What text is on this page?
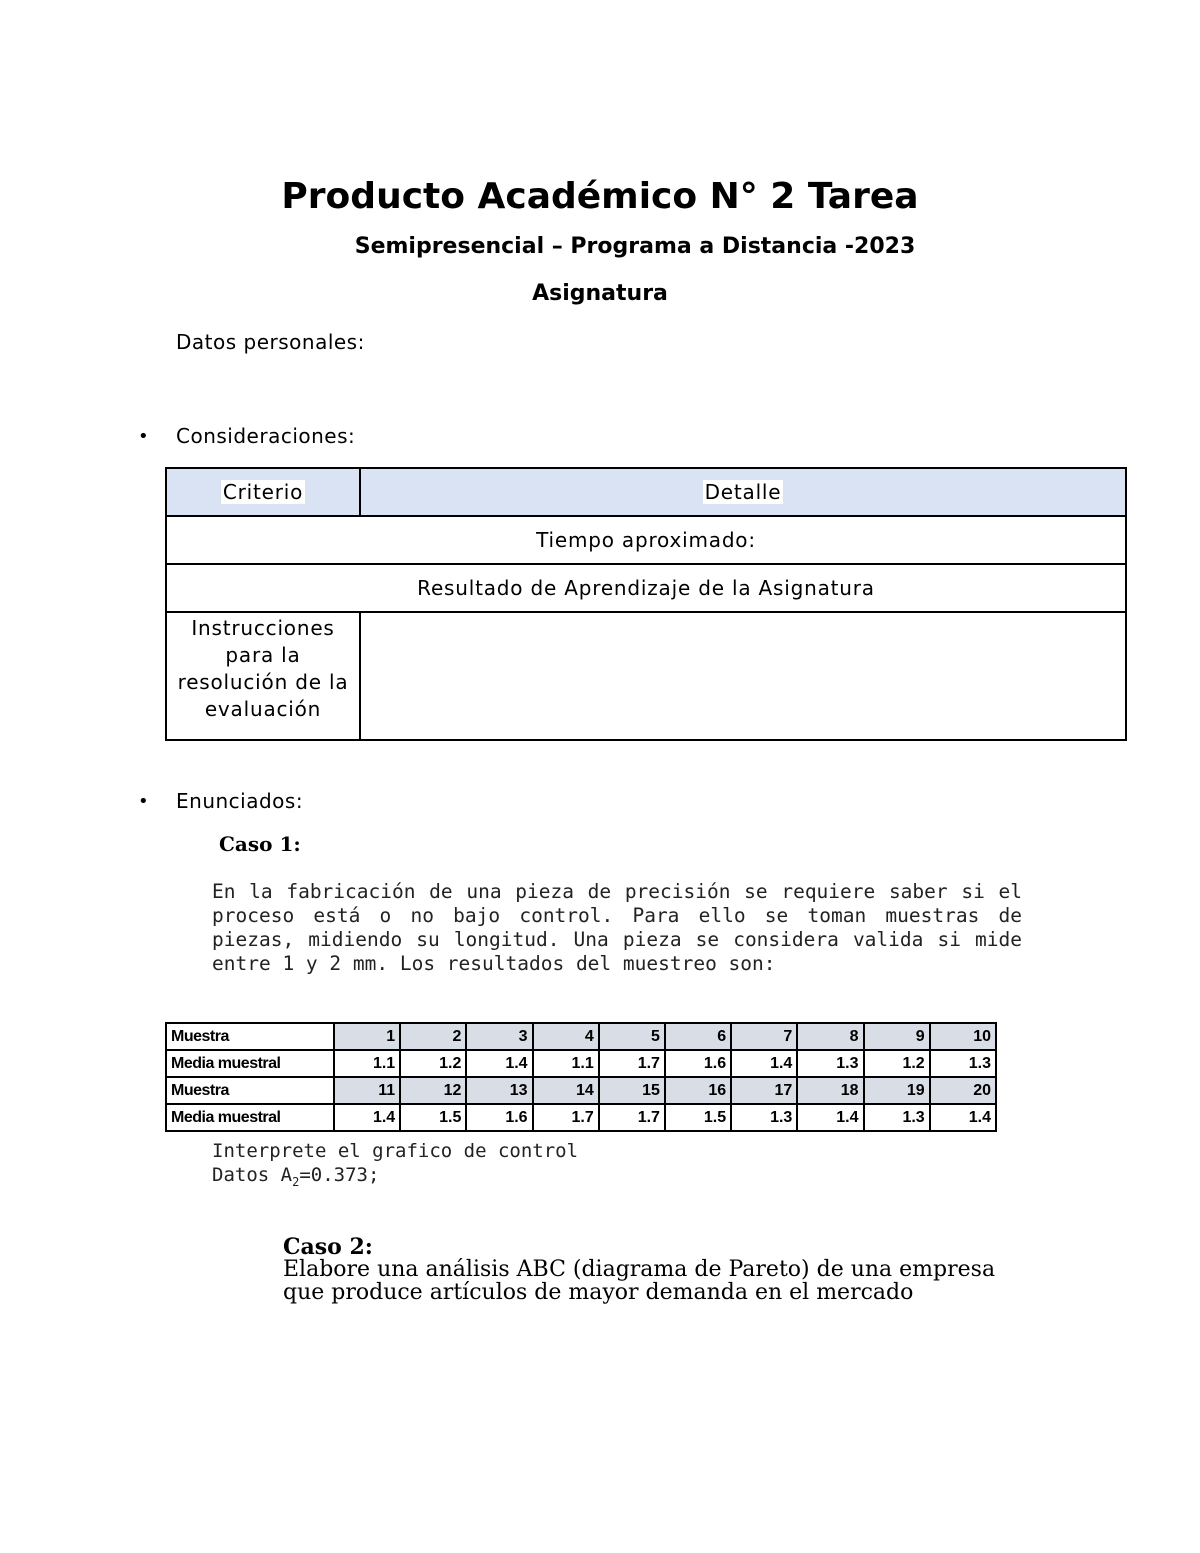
Producto Académico N° 2 Tarea
Semipresencial – Programa a Distancia -2023
Asignatura
Datos personales:
• Consideraciones:
Criterio	Detalle
Tiempo aproximado:	
Resultado de Aprendizaje de la Asignatura	

Instrucciones para la resolución de la evaluación	

• Enunciados:
Caso 1:
En la fabricación de una pieza de precisión se requiere saber si el proceso está o no bajo control. Para ello se toman muestras de piezas, midiendo su longitud. Una pieza se considera valida si mide entre 1 y 2 mm. Los resultados del muestreo son:
Muestra	1	2	3	4	5	6	7	8	9	10
Media muestral	1.1	1.2	1.4	1.1	1.7	1.6	1.4	1.3	1.2	1.3
Muestra	11	12	13	14	15	16	17	18	19	20
Media muestral	1.4	1.5	1.6	1.7	1.7	1.5	1.3	1.4	1.3	1.4
Interprete el grafico de control
Datos $A_2=0.373$;
Caso 2:
Elabore una análisis ABC (diagrama de Pareto) de una empresa que produce artículos de mayor demanda en el mercado
